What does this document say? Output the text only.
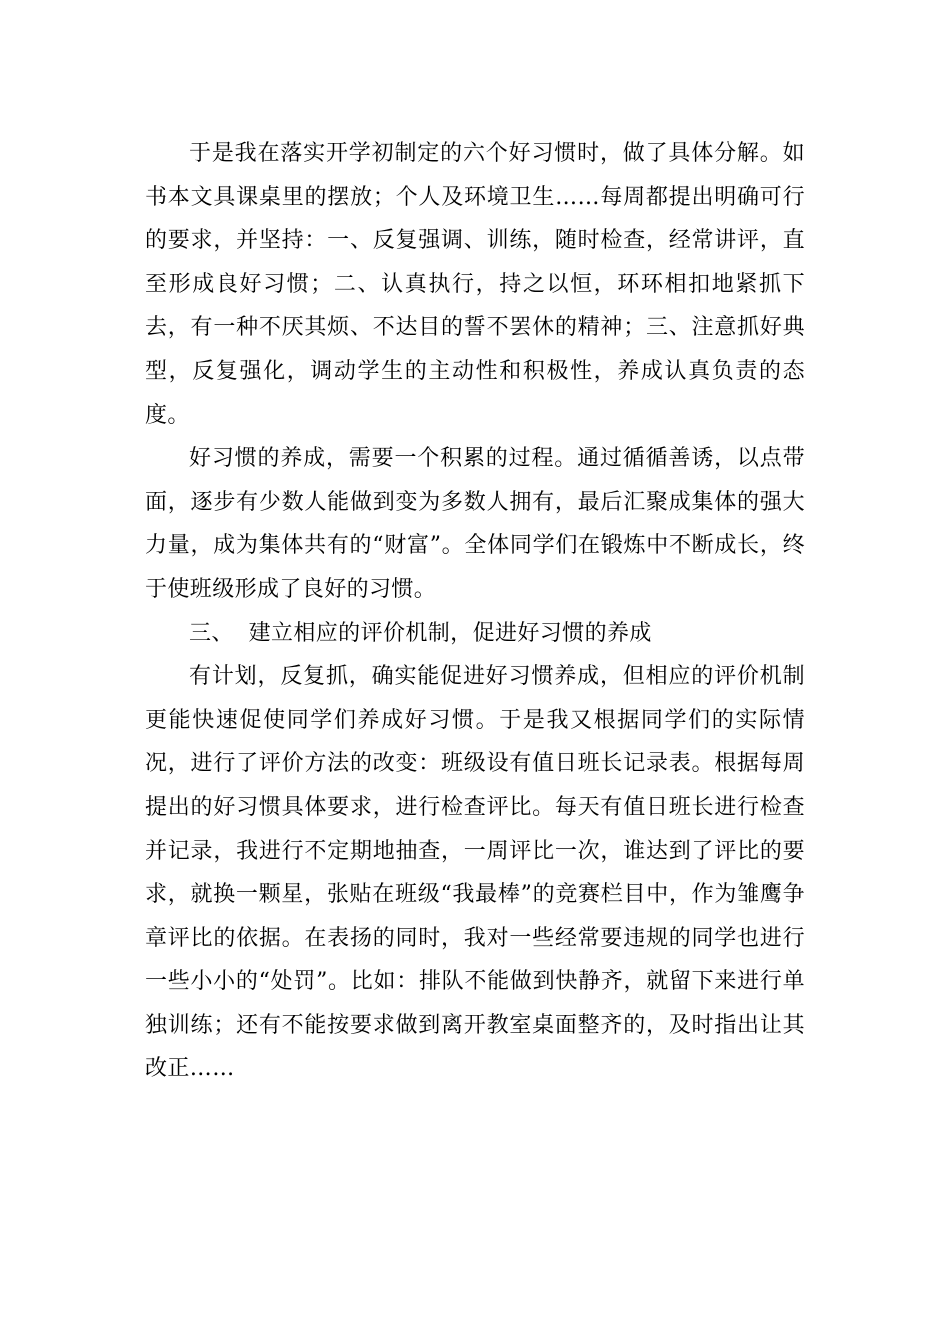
于是我在落实开学初制定的六个好习惯时，做了具体分解。如书本文具课桌里的摆放；个人及环境卫生……每周都提出明确可行的要求，并坚持：一、反复强调、训练，随时检查，经常讲评，直至形成良好习惯；二、认真执行，持之以恒，环环相扣地紧抓下去，有一种不厌其烦、不达目的誓不罢休的精神；三、注意抓好典型，反复强化，调动学生的主动性和积极性，养成认真负责的态度。

好习惯的养成，需要一个积累的过程。通过循循善诱，以点带面，逐步有少数人能做到变为多数人拥有，最后汇聚成集体的强大力量，成为集体共有的“财富”。全体同学们在锻炼中不断成长，终于使班级形成了良好的习惯。

三、  建立相应的评价机制，促进好习惯的养成

有计划，反复抓，确实能促进好习惯养成，但相应的评价机制更能快速促使同学们养成好习惯。于是我又根据同学们的实际情况，进行了评价方法的改变：班级设有值日班长记录表。根据每周提出的好习惯具体要求，进行检查评比。每天有值日班长进行检查并记录，我进行不定期地抽查，一周评比一次，谁达到了评比的要求，就换一颗星，张贴在班级“我最棒”的竞赛栏目中，作为雏鹰争章评比的依据。在表扬的同时，我对一些经常要违规的同学也进行一些小小的“处罚”。比如：排队不能做到快静齐，就留下来进行单独训练；还有不能按要求做到离开教室桌面整齐的，及时指出让其改正……
